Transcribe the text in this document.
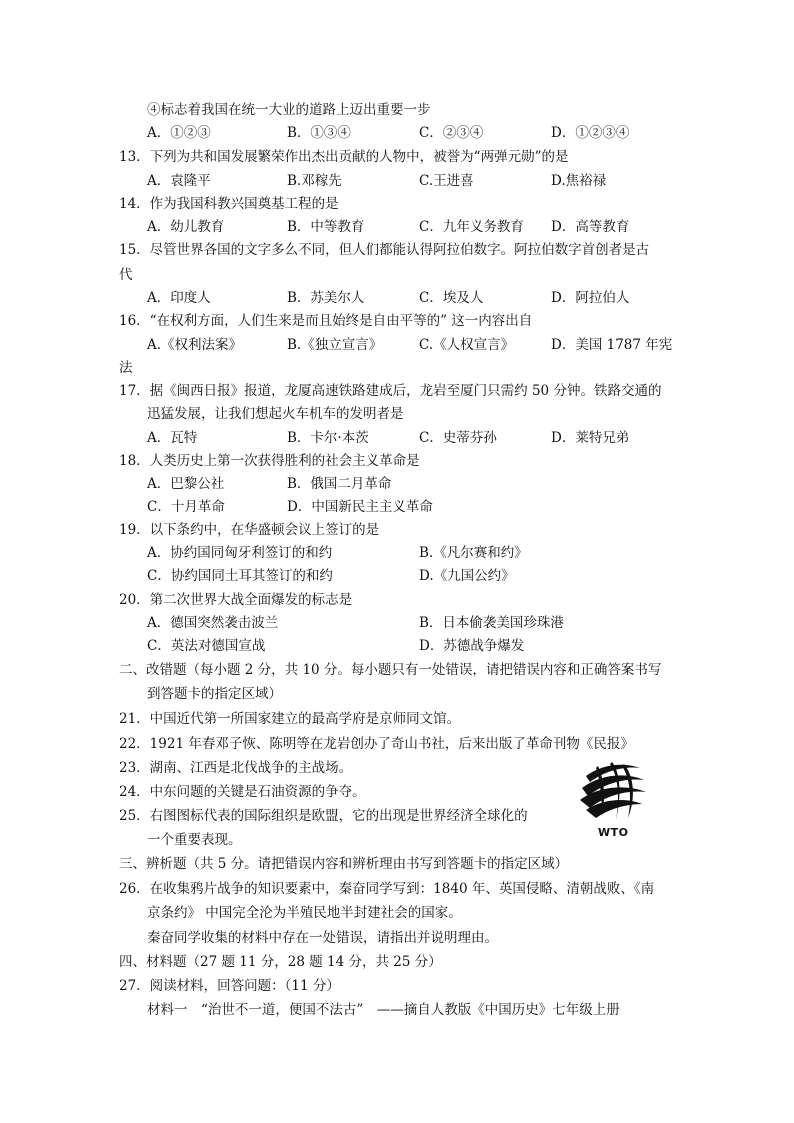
④标志着我国在统一大业的道路上迈出重要一步
A．①②③	B．①③④	C．②③④	D．①②③④
13．下列为共和国发展繁荣作出杰出贡献的人物中，被誉为“两弹元勋”的是
A．袁隆平	B.邓稼先	C.王进喜	D.焦裕禄
14．作为我国科教兴国奠基工程的是
A．幼儿教育	B．中等教育	C．九年义务教育 D．高等教育
15．尽管世界各国的文字多么不同，但人们都能认得阿拉伯数字。阿拉伯数字首创者是古
代
A．印度人	B．苏美尔人	C．埃及人	D．阿拉伯人
16．“在权利方面，人们生来是而且始终是自由平等的” 这一内容出自
A.《权利法案》	B.《独立宣言》	C.《人权宣言》	D．美国 1787 年宪
法
17．据《闽西日报》报道，龙厦高速铁路建成后，龙岩至厦门只需约 50 分钟。铁路交通的
迅猛发展，让我们想起火车机车的发明者是
A．瓦特	B．卡尔·本茨	C．史蒂芬孙	D．莱特兄弟
18．人类历史上第一次获得胜利的社会主义革命是
A．巴黎公社	B．俄国二月革命
C．十月革命	D．中国新民主主义革命
19．以下条约中，在华盛顿会议上签订的是
A．协约国同匈牙利签订的和约	B.《凡尔赛和约》
C．协约国同土耳其签订的和约	D.《九国公约》
20．第二次世界大战全面爆发的标志是
A．德国突然袭击波兰	B．日本偷袭美国珍珠港
C．英法对德国宣战	D．苏德战争爆发
二、改错题（每小题 2 分，共 10 分。每小题只有一处错误，请把错误内容和正确答案书写
到答题卡的指定区域）
21．中国近代第一所国家建立的最高学府是京师同文馆。
22．1921 年春邓子恢、陈明等在龙岩创办了奇山书社，后来出版了革命刊物《民报》
23．湖南、江西是北伐战争的主战场。
24．中东问题的关键是石油资源的争夺。
25．右图图标代表的国际组织是欧盟，它的出现是世界经济全球化的
一个重要表现。	WTO
三、辨析题（共 5 分。请把错误内容和辨析理由书写到答题卡的指定区域）
26．在收集鸦片战争的知识要素中，秦奋同学写到：1840 年、英国侵略、清朝战败、《南
京条约》 中国完全沦为半殖民地半封建社会的国家。
秦奋同学收集的材料中存在一处错误，请指出并说明理由。
四、材料题（27 题 11 分，28 题 14 分，共 25 分）
27．阅读材料，回答问题：（11 分）
材料一　“治世不一道，便国不法古”　——摘自人教版《中国历史》七年级上册
